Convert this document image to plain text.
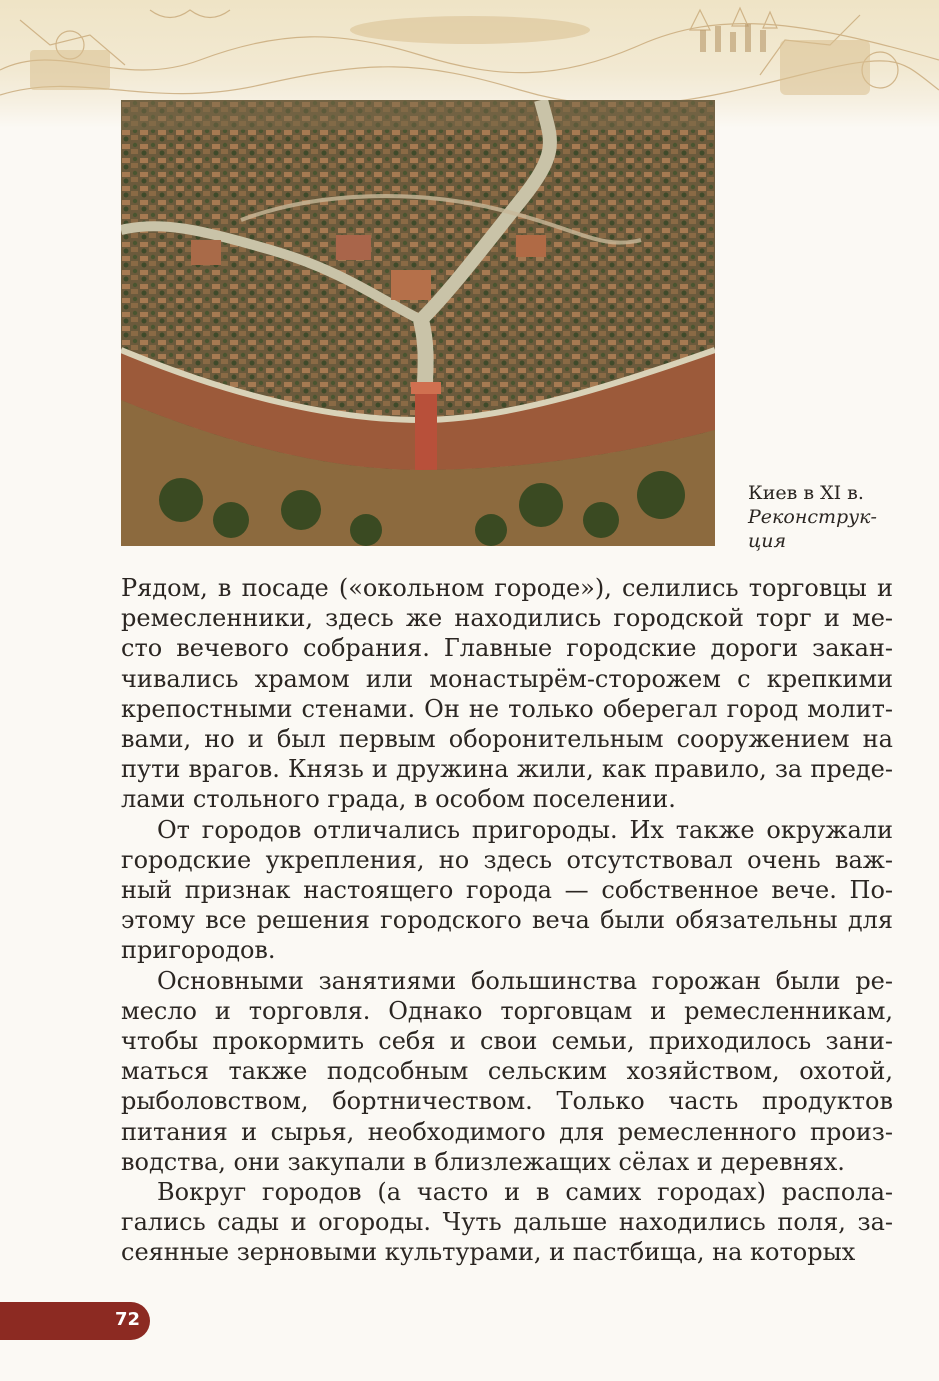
Киев в XI в.
Реконструкция

Рядом, в посаде («окольном городе»), селились торговцы и ремесленники, здесь же находились городской торг и место вечевого собрания. Главные городские дороги заканчивались храмом или монастырём-сторожем с крепкими крепостными стенами. Он не только оберегал город молитвами, но и был первым оборонительным сооружением на пути врагов. Князь и дружина жили, как правило, за пределами стольного града, в особом поселении.

От городов отличались пригороды. Их также окружали городские укрепления, но здесь отсутствовал очень важный признак настоящего города — собственное вече. Поэтому все решения городского веча были обязательны для пригородов.

Основными занятиями большинства горожан были ремесло и торговля. Однако торговцам и ремесленникам, чтобы прокормить себя и свои семьи, приходилось заниматься также подсобным сельским хозяйством, охотой, рыболовством, бортничеством. Только часть продуктов питания и сырья, необходимого для ремесленного производства, они закупали в близлежащих сёлах и деревнях.

Вокруг городов (а часто и в самих городах) располагались сады и огороды. Чуть дальше находились поля, засеянные зерновыми культурами, и пастбища, на которых

72
